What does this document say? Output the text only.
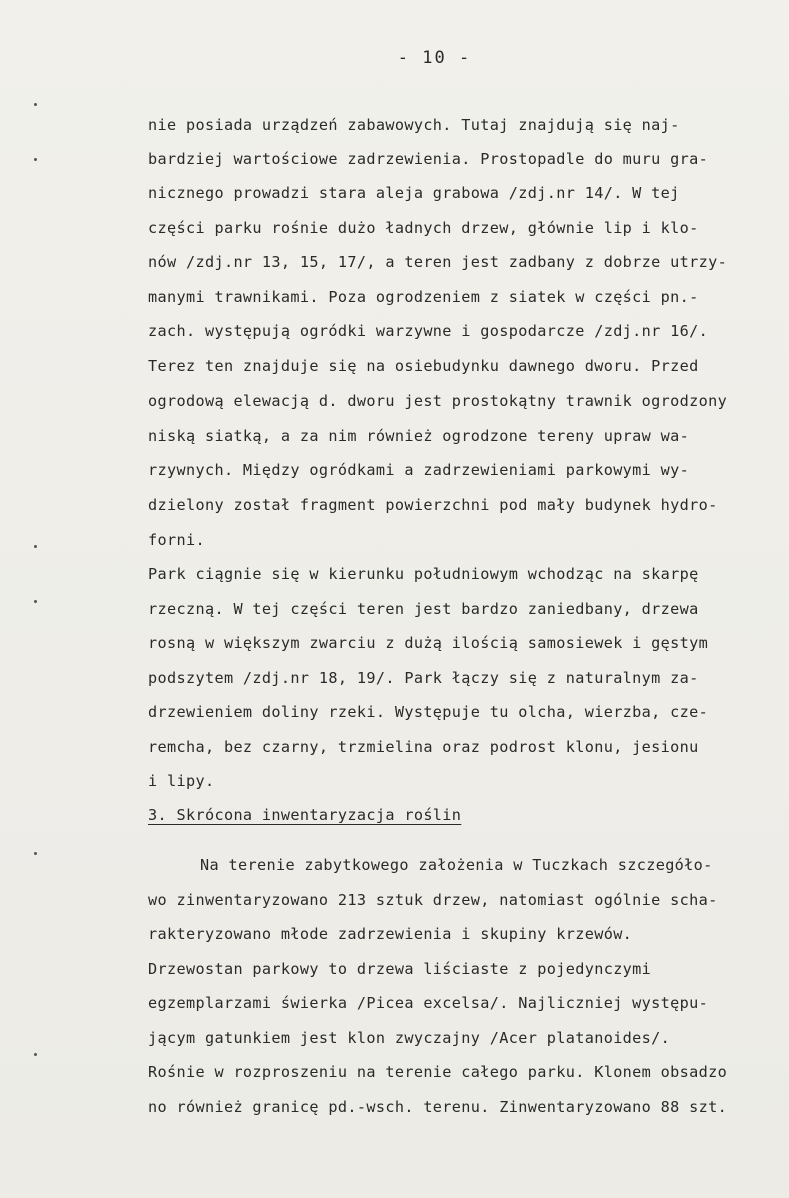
- 10 -
nie posiada urządzeń zabawowych. Tutaj znajdują się naj-
bardziej wartościowe zadrzewienia. Prostopadle do muru gra-
nicznego prowadzi stara aleja grabowa /zdj.nr 14/. W tej
części parku rośnie dużo ładnych drzew, głównie lip i klo-
nów /zdj.nr 13, 15, 17/, a teren jest zadbany z dobrze utrzy-
manymi trawnikami. Poza ogrodzeniem z siatek w części pn.-
zach. występują ogródki warzywne i gospodarcze /zdj.nr 16/.
Terez ten znajduje się na osiebudynku dawnego dworu. Przed
ogrodową elewacją d. dworu jest prostokątny trawnik ogrodzony
niską siatką, a za nim również ogrodzone tereny upraw wa-
rzywnych. Między ogródkami a zadrzewieniami parkowymi wy-
dzielony został fragment powierzchni pod mały budynek hydro-
forni.
Park ciągnie się w kierunku południowym wchodząc na skarpę
rzeczną. W tej części teren jest bardzo zaniedbany, drzewa
rosną w większym zwarciu z dużą ilością samosiewek i gęstym
podszytem /zdj.nr 18, 19/. Park łączy się z naturalnym za-
drzewieniem doliny rzeki. Występuje tu olcha, wierzba, cze-
remcha, bez czarny, trzmielina oraz podrost klonu, jesionu
i lipy.
3. Skrócona inwentaryzacja roślin
Na terenie zabytkowego założenia w Tuczkach szczegóło-
wo zinwentaryzowano 213 sztuk drzew, natomiast ogólnie scha-
rakteryzowano młode zadrzewienia i skupiny krzewów.
Drzewostan parkowy to drzewa liściaste z pojedynczymi
egzemplarzami świerka /Picea excelsa/. Najliczniej występu-
jącym gatunkiem jest klon zwyczajny /Acer platanoides/.
Rośnie w rozproszeniu na terenie całego parku. Klonem obsadzo
no również granicę pd.-wsch. terenu. Zinwentaryzowano 88 szt.
